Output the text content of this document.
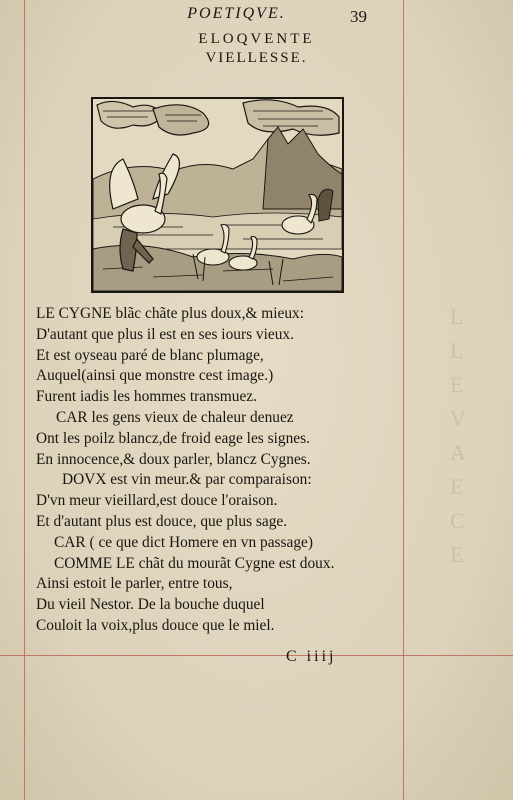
L
L
E
V
A
E
C
E
POETIQVE.	39
ELOQVENTE
VIELLESSE.
LE CYGNE blãc chãte plus doux,& mieux:
D'autant que plus il est en ses iours vieux.
Et est oyseau paré de blanc plumage,
Auquel(ainsi que monstre cest image.)
Furent iadis les hommes transmuez.
CAR les gens vieux de chaleur denuez
Ont les poilz blancz,de froid eage les signes.
En innocence,& doux parler, blancz Cygnes.
DOVX est vin meur.& par comparaison:
D'vn meur vieillard,est douce l'oraison.
Et d'autant plus est douce, que plus sage.
CAR ( ce que dict Homere en vn passage)
COMME LE chãt du mourãt Cygne est doux.
Ainsi estoit le parler, entre tous,
Du vieil Nestor. De la bouche duquel
Couloit la voix,plus douce que le miel.
C iiij
